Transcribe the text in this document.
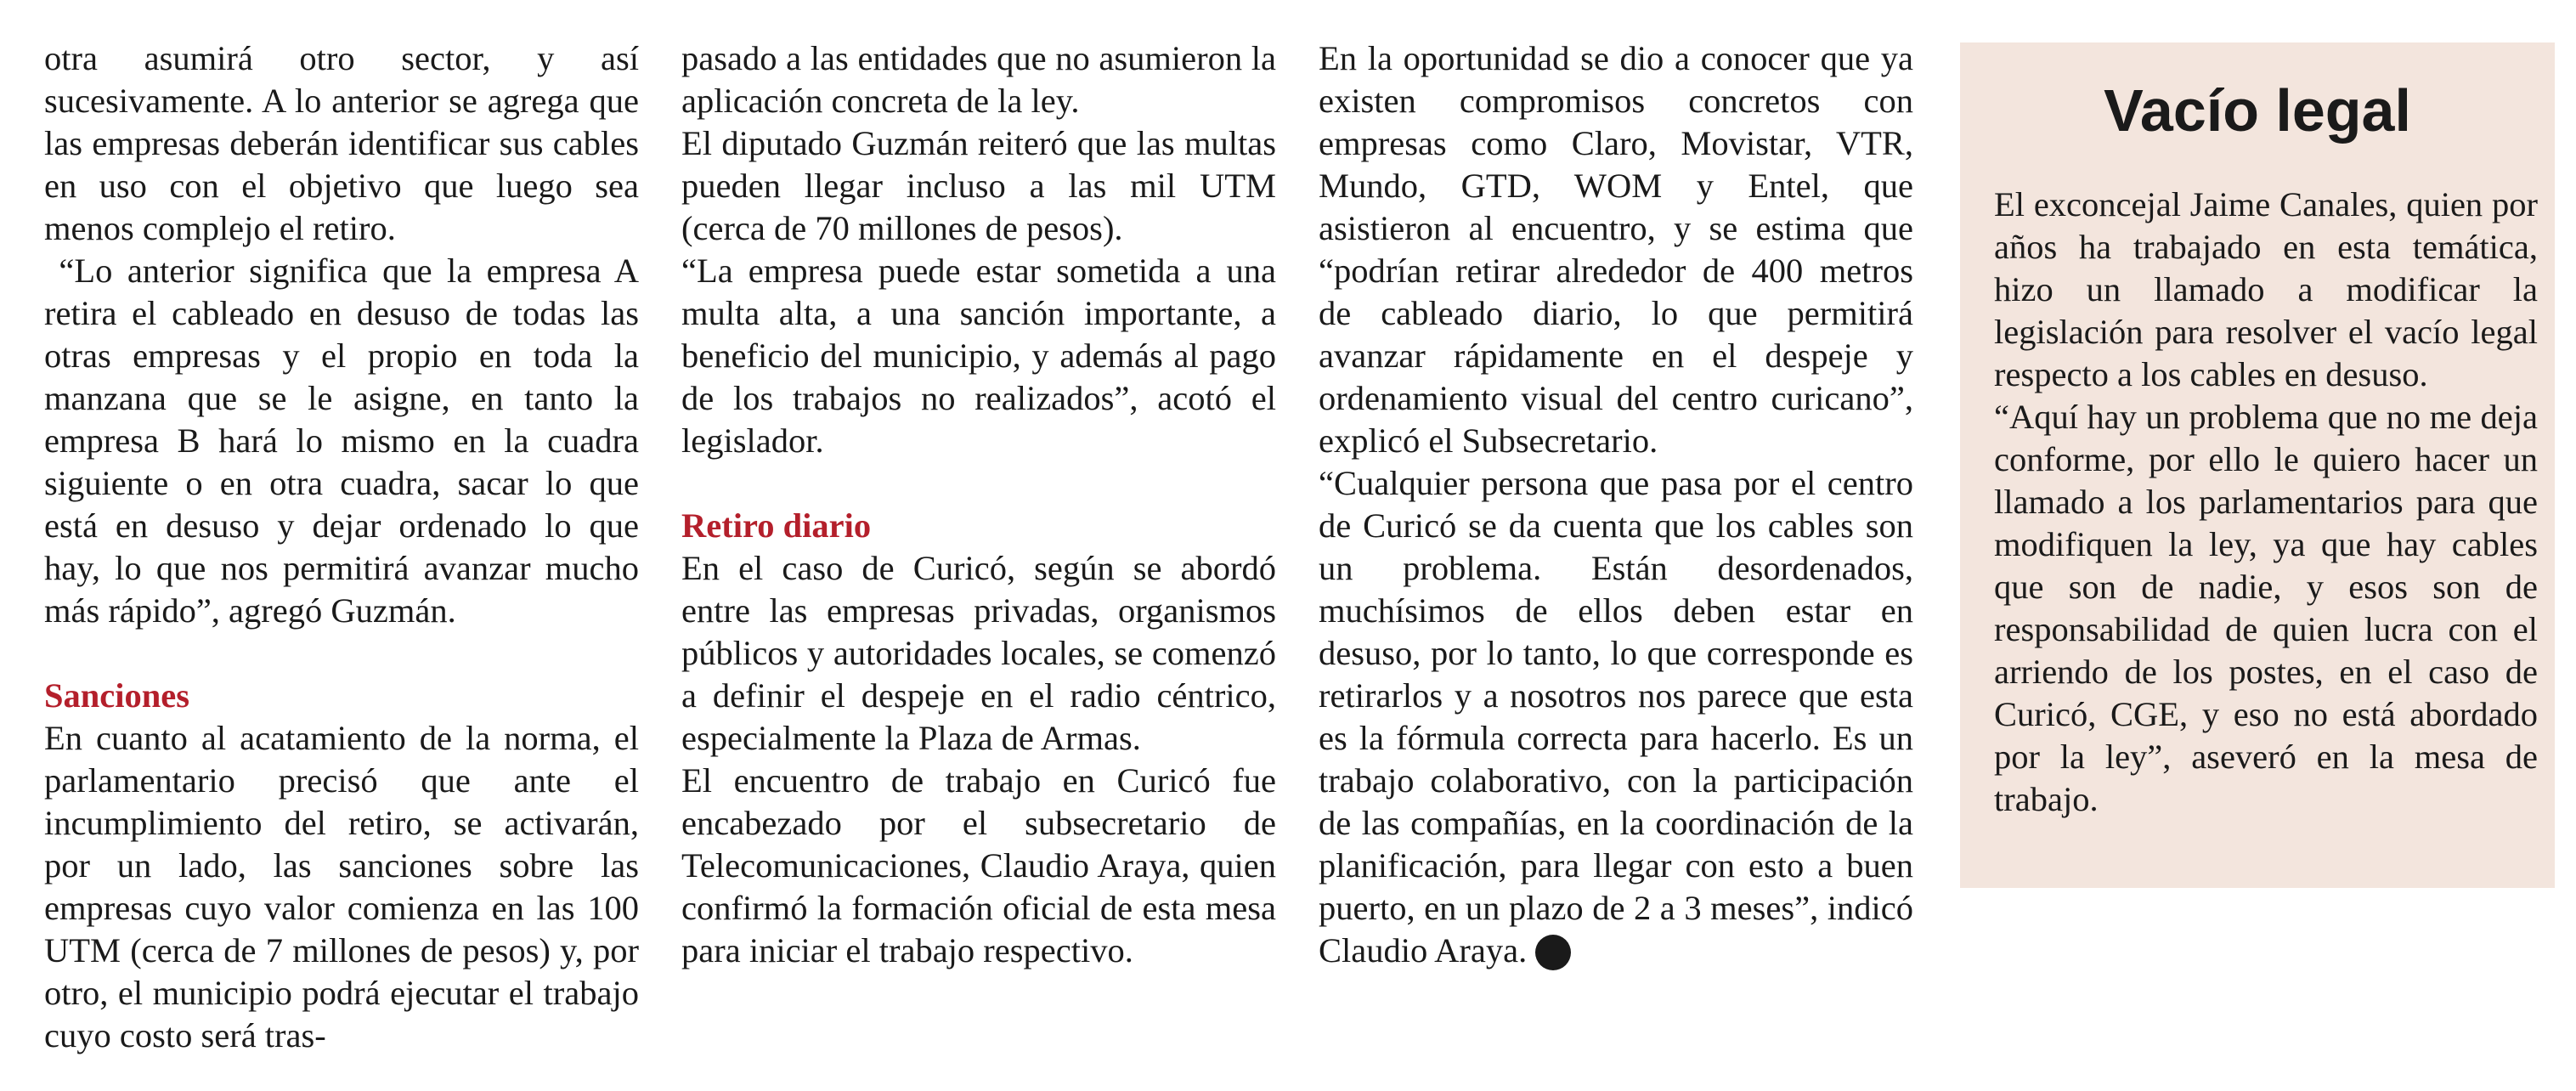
otra asumirá otro sector, y así sucesivamente. A lo anterior se agrega que las empresas deberán identificar sus cables en uso con el objetivo que luego sea menos complejo el retiro.

“Lo anterior significa que la empresa A retira el cableado en desuso de todas las otras empresas y el propio en toda la manzana que se le asigne, en tanto la empresa B hará lo mismo en la cuadra siguiente o en otra cuadra, sacar lo que está en desuso y dejar ordenado lo que hay, lo que nos permitirá avanzar mucho más rápido”, agregó Guzmán.

Sanciones

En cuanto al acatamiento de la norma, el parlamentario precisó que ante el incumplimiento del retiro, se activarán, por un lado, las sanciones sobre las empresas cuyo valor comienza en las 100 UTM (cerca de 7 millones de pesos) y, por otro, el municipio podrá ejecutar el trabajo cuyo costo será tras-

pasado a las entidades que no asumieron la aplicación concreta de la ley.

El diputado Guzmán reiteró que las multas pueden llegar incluso a las mil UTM (cerca de 70 millones de pesos).

“La empresa puede estar sometida a una multa alta, a una sanción importante, a beneficio del municipio, y además al pago de los trabajos no realizados”, acotó el legislador.

Retiro diario

En el caso de Curicó, según se abordó entre las empresas privadas, organismos públicos y autoridades locales, se comenzó a definir el despeje en el radio céntrico, especialmente la Plaza de Armas.

El encuentro de trabajo en Curicó fue encabezado por el subsecretario de Telecomunicaciones, Claudio Araya, quien confirmó la formación oficial de esta mesa para iniciar el trabajo respectivo.

En la oportunidad se dio a conocer que ya existen compromisos concretos con empresas como Claro, Movistar, VTR, Mundo, GTD, WOM y Entel, que asistieron al encuentro, y se estima que “podrían retirar alrededor de 400 metros de cableado diario, lo que permitirá avanzar rápidamente en el despeje y ordenamiento visual del centro curicano”, explicó el Subsecretario.

“Cualquier persona que pasa por el centro de Curicó se da cuenta que los cables son un problema. Están desordenados, muchísimos de ellos deben estar en desuso, por lo tanto, lo que corresponde es retirarlos y a nosotros nos parece que esta es la fórmula correcta para hacerlo. Es un trabajo colaborativo, con la participación de las compañías, en la coordinación de la planificación, para llegar con esto a buen puerto, en un plazo de 2 a 3 meses”, indicó Claudio Araya.

Vacío legal

El exconcejal Jaime Canales, quien por años ha trabajado en esta temática, hizo un llamado a modificar la legislación para resolver el vacío legal respecto a los cables en desuso.

“Aquí hay un problema que no me deja conforme, por ello le quiero hacer un llamado a los parlamentarios para que modifiquen la ley, ya que hay cables que son de nadie, y esos son de responsabilidad de quien lucra con el arriendo de los postes, en el caso de Curicó, CGE, y eso no está abordado por la ley”, aseveró en la mesa de trabajo.
